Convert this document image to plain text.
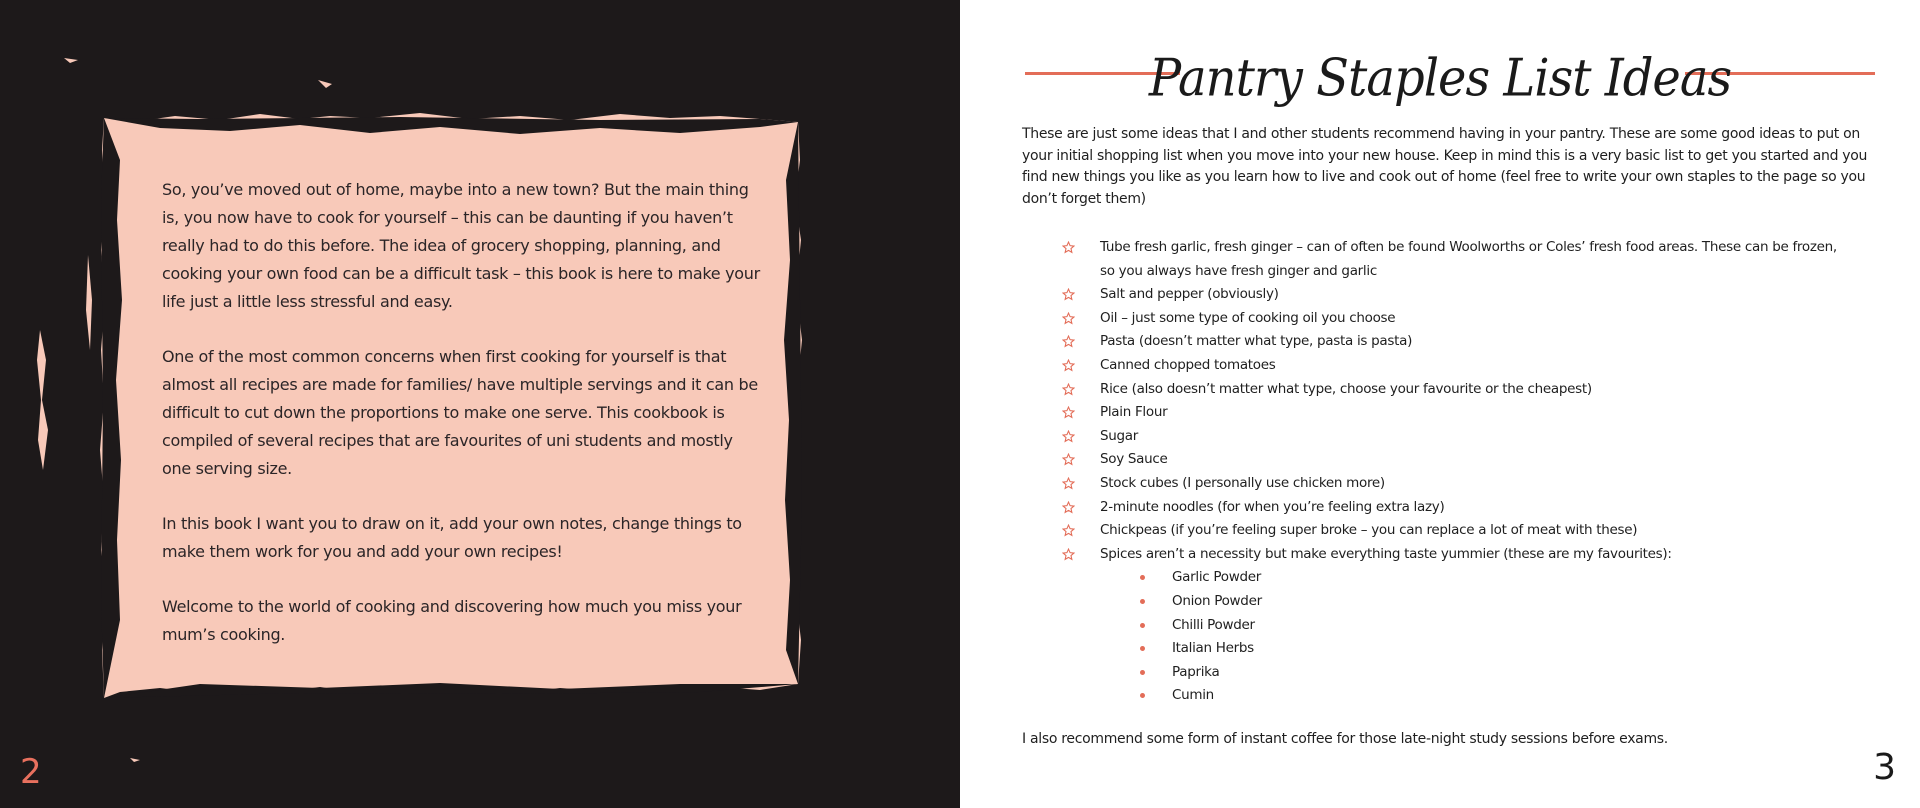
So, you’ve moved out of home, maybe into a new town? But the main thing is, you now have to cook for yourself – this can be daunting if you haven’t really had to do this before. The idea of grocery shopping, planning, and cooking your own food can be a difficult task – this book is here to make your life just a little less stressful and easy.

One of the most common concerns when first cooking for yourself is that almost all recipes are made for families/ have multiple servings and it can be difficult to cut down the proportions to make one serve. This cookbook is compiled of several recipes that are favourites of uni students and mostly one serving size.

In this book I want you to draw on it, add your own notes, change things to make them work for you and add your own recipes!

Welcome to the world of cooking and discovering how much you miss your mum’s cooking.

2
Pantry Staples List Ideas
These are just some ideas that I and other students recommend having in your pantry. These are some good ideas to put on your initial shopping list when you move into your new house. Keep in mind this is a very basic list to get you started and you find new things you like as you learn how to live and cook out of home (feel free to write your own staples to the page so you don’t forget them)
Tube fresh garlic, fresh ginger – can of often be found Woolworths or Coles’ fresh food areas. These can be frozen, so you always have fresh ginger and garlic
Salt and pepper (obviously)
Oil – just some type of cooking oil you choose
Pasta (doesn’t matter what type, pasta is pasta)
Canned chopped tomatoes
Rice (also doesn’t matter what type, choose your favourite or the cheapest)
Plain Flour
Sugar
Soy Sauce
Stock cubes (I personally use chicken more)
2-minute noodles (for when you’re feeling extra lazy)
Chickpeas (if you’re feeling super broke – you can replace a lot of meat with these)
Spices aren’t a necessity but make everything taste yummier (these are my favourites):
Garlic Powder
Onion Powder
Chilli Powder
Italian Herbs
Paprika
Cumin
I also recommend some form of instant coffee for those late-night study sessions before exams.
3
